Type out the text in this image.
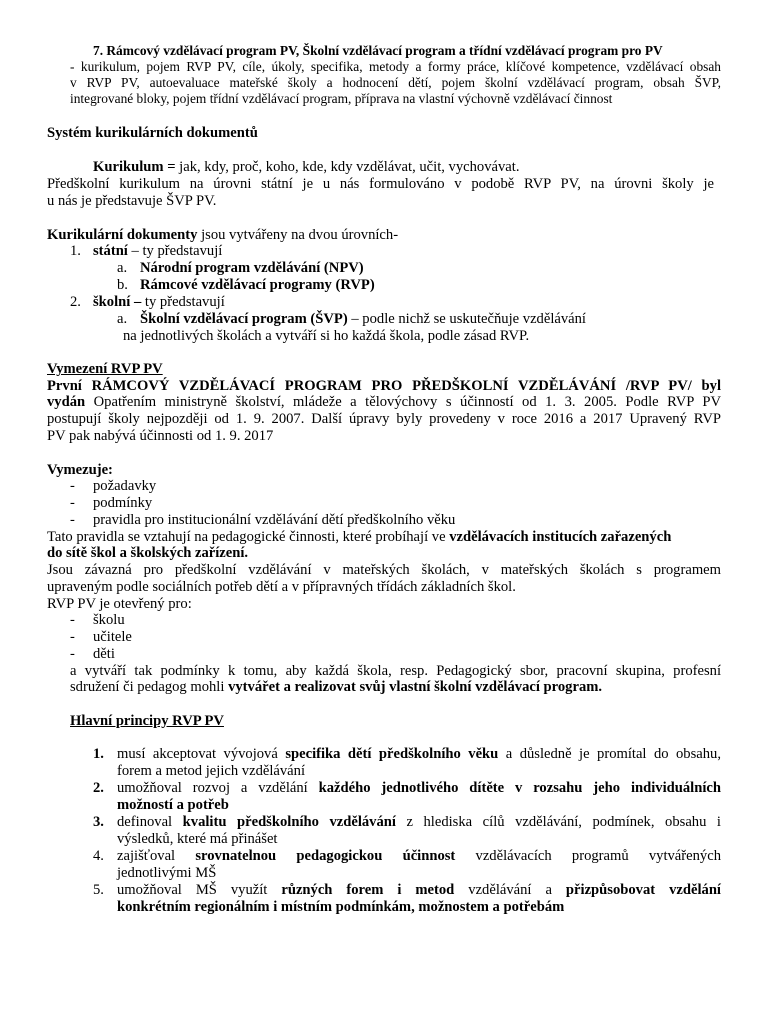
7. Rámcový vzdělávací program PV, Školní vzdělávací program a třídní vzdělávací program pro PV
- kurikulum, pojem RVP PV, cíle, úkoly, specifika, metody a formy práce, klíčové kompetence, vzdělávací obsah
v RVP PV, autoevaluace mateřské školy a hodnocení dětí, pojem školní vzdělávací program, obsah ŠVP,
integrované bloky, pojem třídní vzdělávací program, příprava na vlastní výchovně vzdělávací činnost
Systém kurikulárních dokumentů
Kurikulum = jak, kdy, proč, koho, kde, kdy vzdělávat, učit, vychovávat.
Předškolní kurikulum na úrovni státní je u nás formulováno v podobě RVP PV, na úrovni školy je
u nás je představuje ŠVP PV.
Kurikulární dokumenty jsou vytvářeny na dvou úrovních-
1. státní – ty představují
a. Národní program vzdělávání (NPV)
b. Rámcové vzdělávací programy (RVP)
2. školní – ty představují
a. Školní vzdělávací program (ŠVP) – podle nichž se uskutečňuje vzdělávání
na jednotlivých školách a vytváří si ho každá škola, podle zásad RVP.
Vymezení RVP PV
První RÁMCOVÝ VZDĚLÁVACÍ PROGRAM PRO PŘEDŠKOLNÍ VZDĚLÁVÁNÍ /RVP PV/ byl
vydán Opatřením ministryně školství, mládeže a tělovýchovy s účinností od 1. 3. 2005. Podle RVP PV
postupují školy nejpozději od 1. 9. 2007. Další úpravy byly provedeny v roce 2016 a 2017 Upravený RVP
PV pak nabývá účinnosti od 1. 9. 2017
Vymezuje:
- požadavky
- podmínky
- pravidla pro institucionální vzdělávání dětí předškolního věku
Tato pravidla se vztahují na pedagogické činnosti, které probíhají ve vzdělávacích institucích zařazených
do sítě škol a školských zařízení.
Jsou závazná pro předškolní vzdělávání v mateřských školách, v mateřských školách s programem
upraveným podle sociálních potřeb dětí a v přípravných třídách základních škol.
RVP PV je otevřený pro:
- školu
- učitele
- děti
a vytváří tak podmínky k tomu, aby každá škola, resp. Pedagogický sbor, pracovní skupina, profesní
sdružení či pedagog mohli vytvářet a realizovat svůj vlastní školní vzdělávací program.
Hlavní principy RVP PV
1. musí akceptovat vývojová specifika dětí předškolního věku a důsledně je promítal do obsahu,
forem a metod jejich vzdělávání
2. umožňoval rozvoj a vzdělání každého jednotlivého dítěte v rozsahu jeho individuálních
možností a potřeb
3. definoval kvalitu předškolního vzdělávání z hlediska cílů vzdělávání, podmínek, obsahu i
výsledků, které má přinášet
4. zajišťoval srovnatelnou pedagogickou účinnost vzdělávacích programů vytvářených
jednotlivými MŠ
5. umožňoval MŠ využít různých forem i metod vzdělávání a přizpůsobovat vzdělání
konkrétním regionálním i místním podmínkám, možnostem a potřebám
